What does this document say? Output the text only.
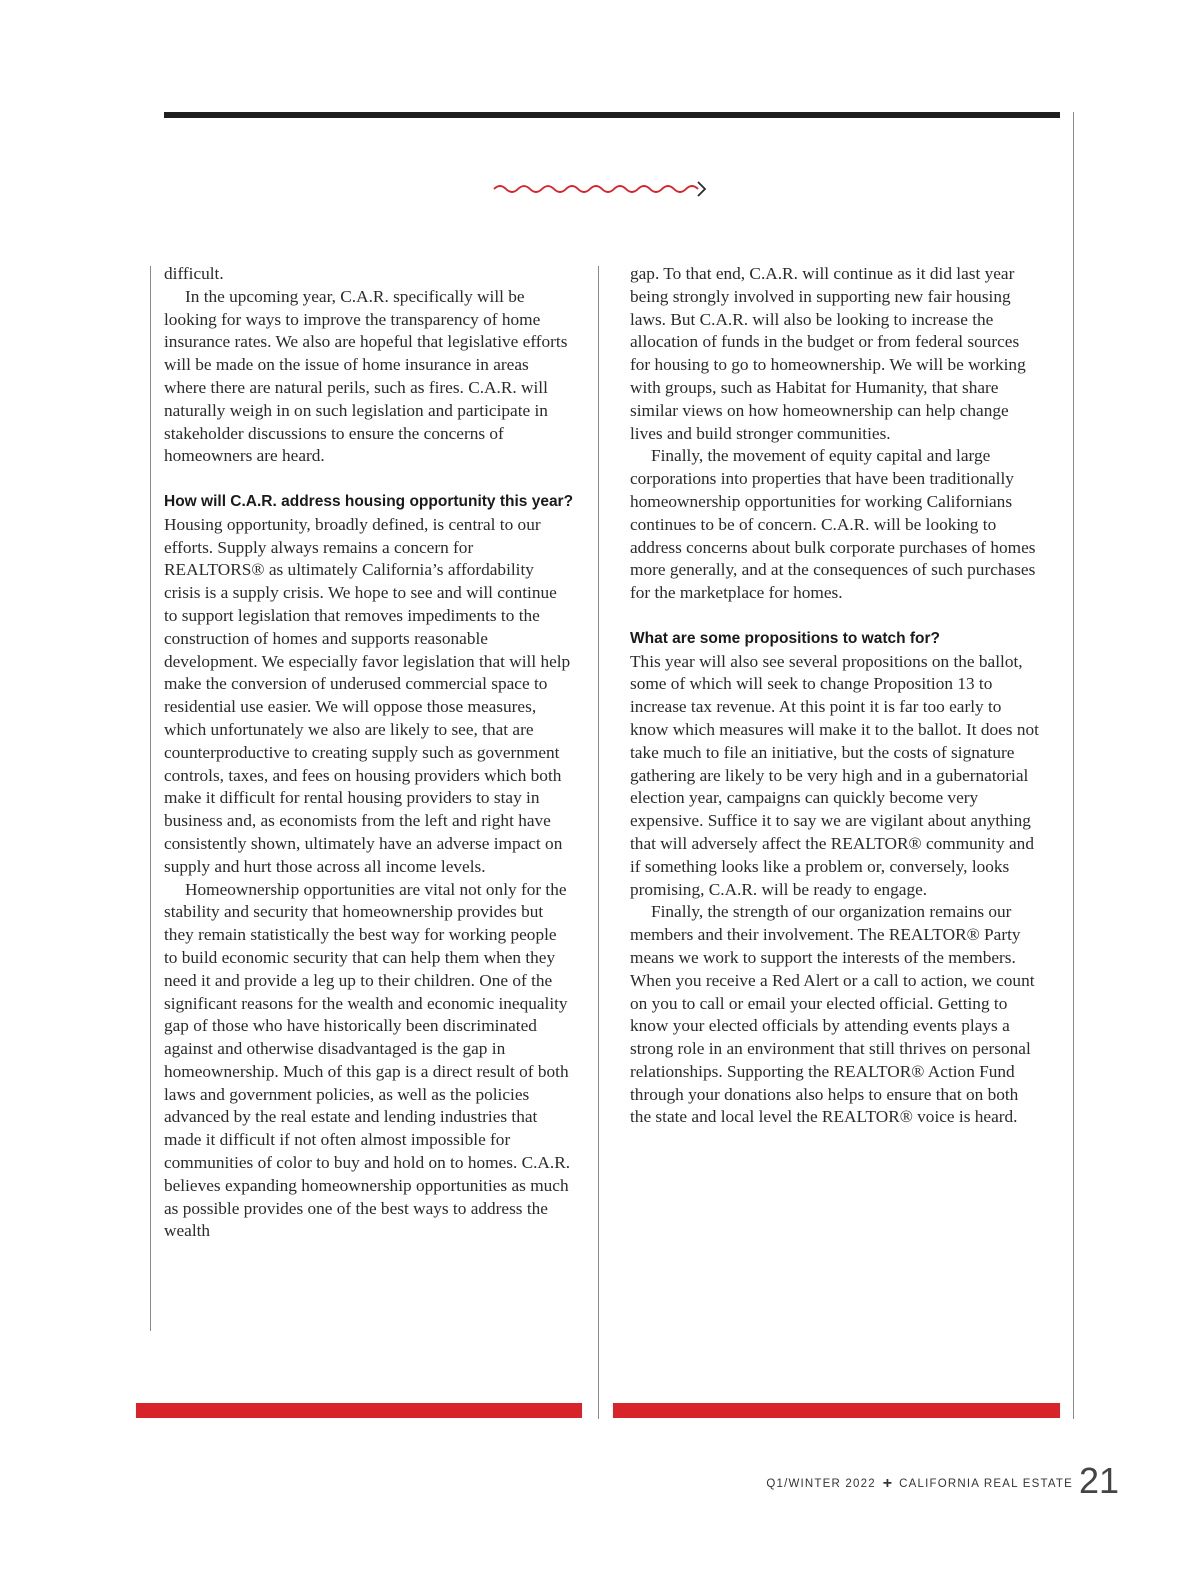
difficult.

In the upcoming year, C.A.R. specifically will be looking for ways to improve the transparency of home insurance rates. We also are hopeful that legislative efforts will be made on the issue of home insurance in areas where there are natural perils, such as fires. C.A.R. will naturally weigh in on such legislation and participate in stakeholder discussions to ensure the concerns of homeowners are heard.

How will C.A.R. address housing opportunity this year?

Housing opportunity, broadly defined, is central to our efforts. Supply always remains a concern for REALTORS® as ultimately California’s affordability crisis is a supply crisis. We hope to see and will continue to support legislation that removes impediments to the construction of homes and supports reasonable development. We especially favor legislation that will help make the conversion of underused commercial space to residential use easier. We will oppose those measures, which unfortunately we also are likely to see, that are counterproductive to creating supply such as government controls, taxes, and fees on housing providers which both make it difficult for rental housing providers to stay in business and, as economists from the left and right have consistently shown, ultimately have an adverse impact on supply and hurt those across all income levels.

Homeownership opportunities are vital not only for the stability and security that homeownership provides but they remain statistically the best way for working people to build economic security that can help them when they need it and provide a leg up to their children. One of the significant reasons for the wealth and economic inequality gap of those who have historically been discriminated against and otherwise disadvantaged is the gap in homeownership. Much of this gap is a direct result of both laws and government policies, as well as the policies advanced by the real estate and lending industries that made it difficult if not often almost impossible for communities of color to buy and hold on to homes. C.A.R. believes expanding homeownership opportunities as much as possible provides one of the best ways to address the wealth

gap. To that end, C.A.R. will continue as it did last year being strongly involved in supporting new fair housing laws. But C.A.R. will also be looking to increase the allocation of funds in the budget or from federal sources for housing to go to homeownership. We will be working with groups, such as Habitat for Humanity, that share similar views on how homeownership can help change lives and build stronger communities.

Finally, the movement of equity capital and large corporations into properties that have been traditionally homeownership opportunities for working Californians continues to be of concern. C.A.R. will be looking to address concerns about bulk corporate purchases of homes more generally, and at the consequences of such purchases for the marketplace for homes.

What are some propositions to watch for?

This year will also see several propositions on the ballot, some of which will seek to change Proposition 13 to increase tax revenue. At this point it is far too early to know which measures will make it to the ballot. It does not take much to file an initiative, but the costs of signature gathering are likely to be very high and in a gubernatorial election year, campaigns can quickly become very expensive. Suffice it to say we are vigilant about anything that will adversely affect the REALTOR® community and if something looks like a problem or, conversely, looks promising, C.A.R. will be ready to engage.

Finally, the strength of our organization remains our members and their involvement. The REALTOR® Party means we work to support the interests of the members. When you receive a Red Alert or a call to action, we count on you to call or email your elected official. Getting to know your elected officials by attending events plays a strong role in an environment that still thrives on personal relationships. Supporting the REALTOR® Action Fund through your donations also helps to ensure that on both the state and local level the REALTOR® voice is heard.

Q1/WINTER 2022 + CALIFORNIA REAL ESTATE 21
